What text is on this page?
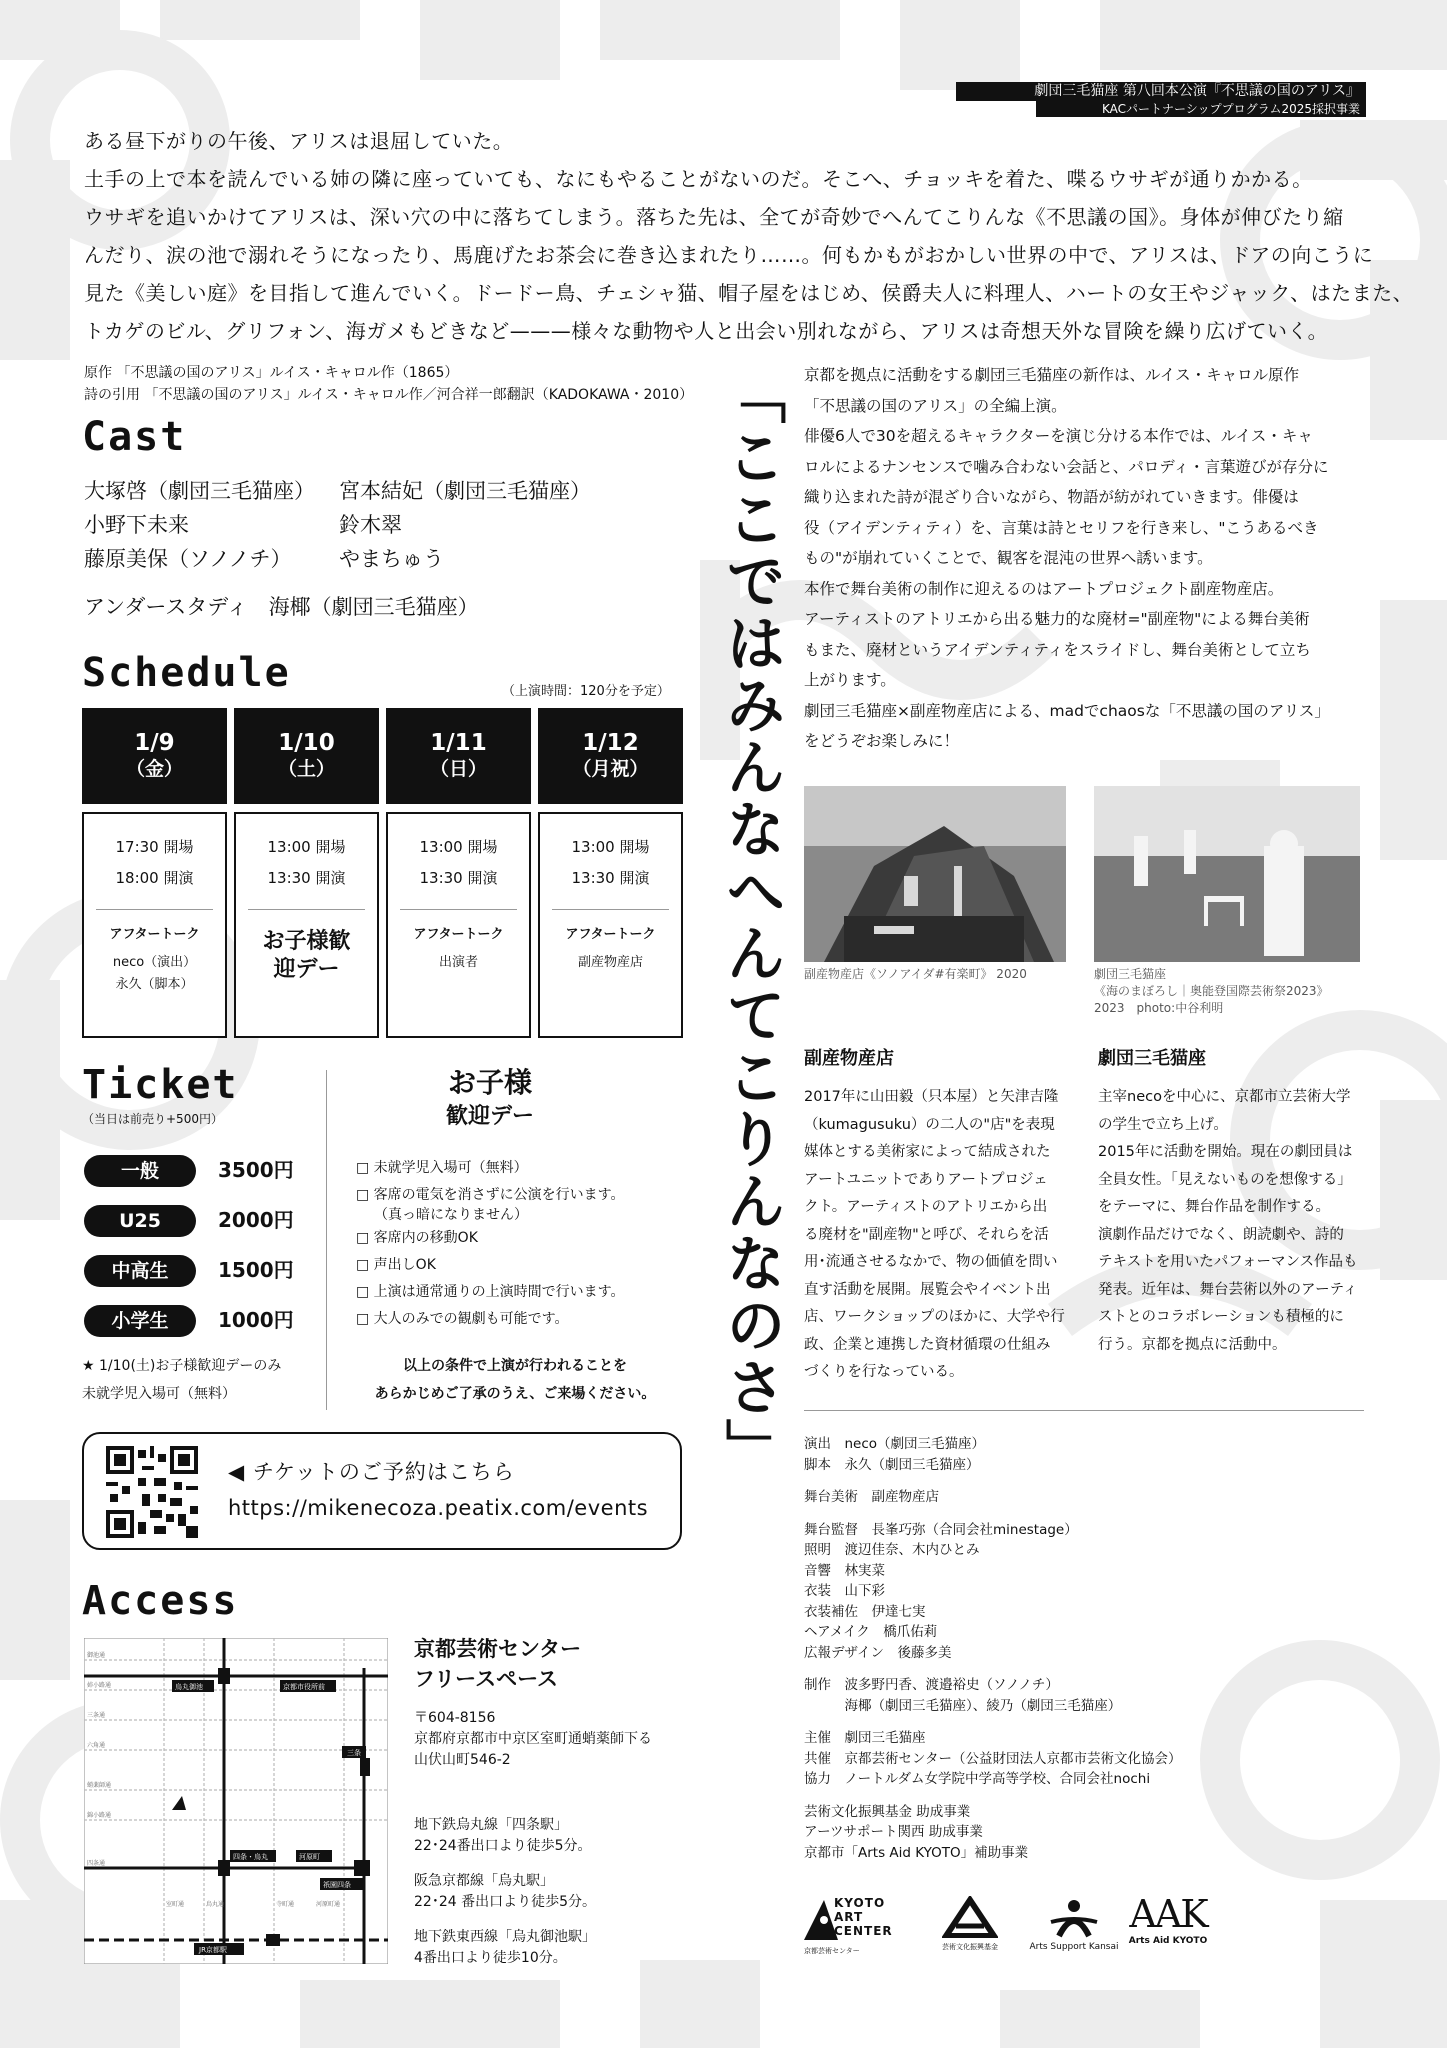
劇団三毛猫座 第八回本公演『不思議の国のアリス』
KACパートナーシッププログラム2025採択事業

ある昼下がりの午後、アリスは退屈していた。

土手の上で本を読んでいる姉の隣に座っていても、なにもやることがないのだ。そこへ、チョッキを着た、喋るウサギが通りかかる。

ウサギを追いかけてアリスは、深い穴の中に落ちてしまう。落ちた先は、全てが奇妙でへんてこりんな《不思議の国》。身体が伸びたり縮

んだり、涙の池で溺れそうになったり、馬鹿げたお茶会に巻き込まれたり……。何もかもがおかしい世界の中で、アリスは、ドアの向こうに

見た《美しい庭》を目指して進んでいく。ドードー鳥、チェシャ猫、帽子屋をはじめ、侯爵夫人に料理人、ハートの女王やジャック、はたまた、

トカゲのビル、グリフォン、海ガメもどきなど———様々な動物や人と出会い別れながら、アリスは奇想天外な冒険を繰り広げていく。

原作 「不思議の国のアリス」ルイス・キャロル作（1865）
詩の引用 「不思議の国のアリス」ルイス・キャロル作／河合祥一郎翻訳（KADOKAWA・2010）
Cast
大塚啓（劇団三毛猫座） 宮本結妃（劇団三毛猫座）
小野下未来	鈴木翠
藤原美保（ソノノチ） やまちゅう
アンダースタディ　海椰（劇団三毛猫座）
Schedule	（上演時間：120分を予定）
1/9
（金）
17:30 開場
18:00 開演
アフタートーク
neco（演出）
永久（脚本）
1/10
（土）
13:00 開場
13:30 開演
お子様歓迎デー
1/11
（日）
13:00 開場
13:30 開演
アフタートーク
出演者
1/12
（月祝）
13:00 開場
13:30 開演
アフタートーク
副産物産店
Ticket
（当日は前売り+500円）
一般	3500円
U25	2000円
中高生 1500円
小学生 1000円
★ 1/10(土)お子様歓迎デーのみ
未就学児入場可（無料）
お子様
歓迎デー
□ 未就学児入場可（無料）
□ 客席の電気を消さずに公演を行います。
（真っ暗になりません）
□ 客席内の移動OK
□ 声出しOK
□ 上演は通常通りの上演時間で行います。
□ 大人のみでの観劇も可能です。
以上の条件で上演が行われることを
あらかじめご了承のうえ、ご来場ください。
◀ チケットのご予約はこちら
https://mikenecoza.peatix.com/events
Access
烏丸御池	京都市役所前
三条
四条・烏丸	河原町
祇園四条
JR京都駅
御池通
姉小路通
三条通
六角通
蛸薬師通
錦小路通
四条通
烏丸通	寺町通	河原町通
室町通
京都芸術センター
フリースペース
〒604-8156
京都府京都市中京区室町通蛸薬師下る
山伏山町546-2
地下鉄烏丸線「四条駅」
22･24番出口より徒歩5分。
阪急京都線「烏丸駅」
22･24 番出口より徒歩5分。
地下鉄東西線「烏丸御池駅」
4番出口より徒歩10分。
「ここではみんなへんてこりんなのさ」 京都を拠点に活動をする劇団三毛猫座の新作は、ルイス・キャロル原作
「不思議の国のアリス」の全編上演。
俳優6人で30を超えるキャラクターを演じ分ける本作では、ルイス・キャ
ロルによるナンセンスで噛み合わない会話と、パロディ・言葉遊びが存分に
織り込まれた詩が混ざり合いながら、物語が紡がれていきます。俳優は
役（アイデンティティ）を、言葉は詩とセリフを行き来し、"こうあるべき
もの"が崩れていくことで、観客を混沌の世界へ誘います。
本作で舞台美術の制作に迎えるのはアートプロジェクト副産物産店。
アーティストのアトリエから出る魅力的な廃材="副産物"による舞台美術
もまた、廃材というアイデンティティをスライドし、舞台美術として立ち
上がります。
劇団三毛猫座×副産物産店による、madでchaosな「不思議の国のアリス」
をどうぞお楽しみに！
副産物産店《ソノアイダ#有楽町》 2020	劇団三毛猫座
《海のまぼろし｜奥能登国際芸術祭2023》
2023　photo:中谷利明
副産物産店
2017年に山田毅（只本屋）と矢津吉隆
（kumagusuku）の二人の"店"を表現
媒体とする美術家によって結成された
アートユニットでありアートプロジェ
クト。アーティストのアトリエから出
る廃材を"副産物"と呼び、それらを活
用･流通させるなかで、物の価値を問い
直す活動を展開。展覧会やイベント出
店、ワークショップのほかに、大学や行
政、企業と連携した資材循環の仕組み
づくりを行なっている。
劇団三毛猫座
主宰necoを中心に、京都市立芸術大学
の学生で立ち上げ。
2015年に活動を開始。現在の劇団員は
全員女性。「見えないものを想像する」
をテーマに、舞台作品を制作する。
演劇作品だけでなく、朗読劇や、詩的
テキストを用いたパフォーマンス作品も
発表。近年は、舞台芸術以外のアーティ
ストとのコラボレーションも積極的に
行う。京都を拠点に活動中。
演出　neco（劇団三毛猫座）
脚本　永久（劇団三毛猫座）
舞台美術　副産物産店
舞台監督　長峯巧弥（合同会社minestage）
照明　渡辺佳奈、木内ひとみ
音響　林実菜
衣装　山下彩
衣装補佐　伊達七実
ヘアメイク　橋爪佑莉
広報デザイン　後藤多美
制作　波多野円香、渡邉裕史（ソノノチ）
　　　海椰（劇団三毛猫座）、綾乃（劇団三毛猫座）
主催　劇団三毛猫座
共催　京都芸術センター（公益財団法人京都市芸術文化協会）
協力　ノートルダム女学院中学高等学校、合同会社nochi
芸術文化振興基金 助成事業
アーツサポート関西 助成事業
京都市「Arts Aid KYOTO」補助事業
KYOTO ART CENTER
京都芸術センター	芸術文化振興基金	Arts Support Kansai
AAK
Arts Aid KYOTO
